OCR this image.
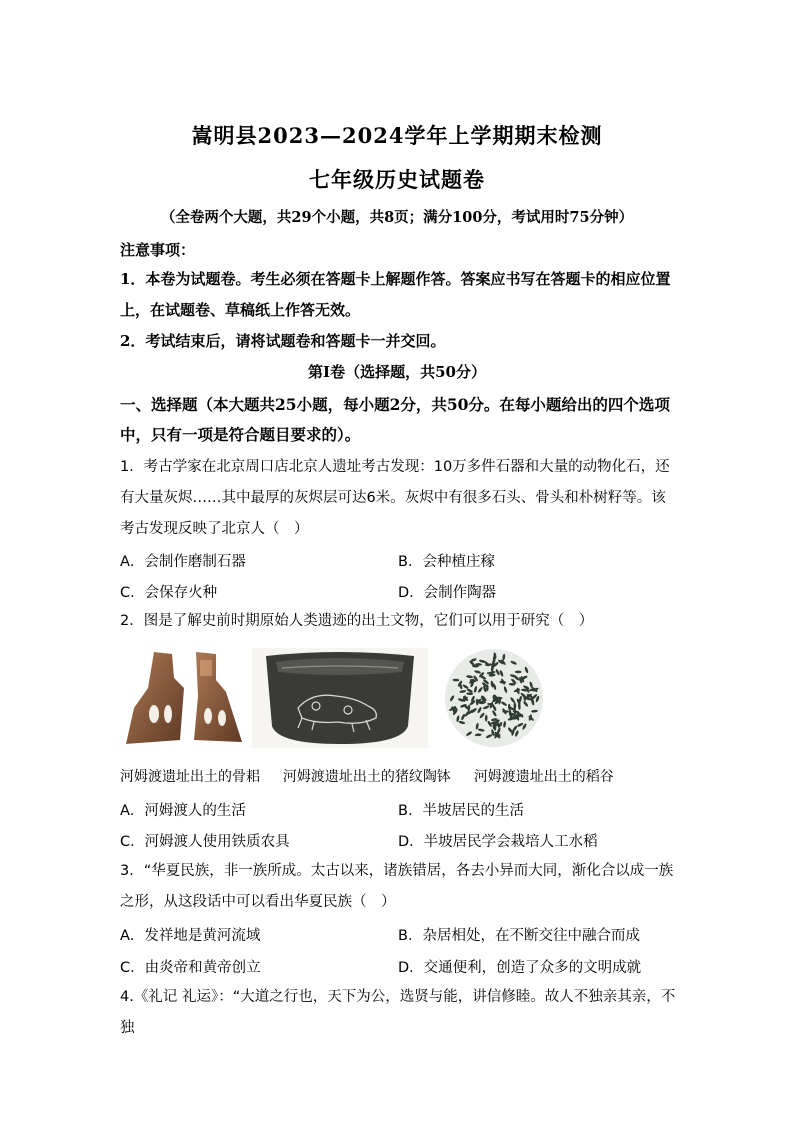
嵩明县2023—2024学年上学期期末检测
七年级历史试题卷
（全卷两个大题，共29个小题，共8页；满分100分，考试用时75分钟）
注意事项：
1．本卷为试题卷。考生必须在答题卡上解题作答。答案应书写在答题卡的相应位置上，在试题卷、草稿纸上作答无效。
2．考试结束后，请将试题卷和答题卡一并交回。
第Ⅰ卷（选择题，共50分）
一、选择题（本大题共25小题，每小题2分，共50分。在每小题给出的四个选项中，只有一项是符合题目要求的）。
1．考古学家在北京周口店北京人遗址考古发现：10万多件石器和大量的动物化石，还有大量灰烬……其中最厚的灰烬层可达6米。灰烬中有很多石头、骨头和朴树籽等。该考古发现反映了北京人（　）
A．会制作磨制石器	B．会种植庄稼
C．会保存火种	D．会制作陶器
2．图是了解史前时期原始人类遗迹的出土文物，它们可以用于研究（　）
河姆渡遗址出土的骨耜 河姆渡遗址出土的猪纹陶钵 河姆渡遗址出土的稻谷
A．河姆渡人的生活	B．半坡居民的生活
C．河姆渡人使用铁质农具	D．半坡居民学会栽培人工水稻
3．“华夏民族，非一族所成。太古以来，诸族错居，各去小异而大同，渐化合以成一族之形，从这段话中可以看出华夏民族（　）
A．发祥地是黄河流域	B．杂居相处，在不断交往中融合而成
C．由炎帝和黄帝创立	D．交通便利，创造了众多的文明成就
4.《礼记 礼运》：“大道之行也，天下为公，选贤与能，讲信修睦。故人不独亲其亲，不独
